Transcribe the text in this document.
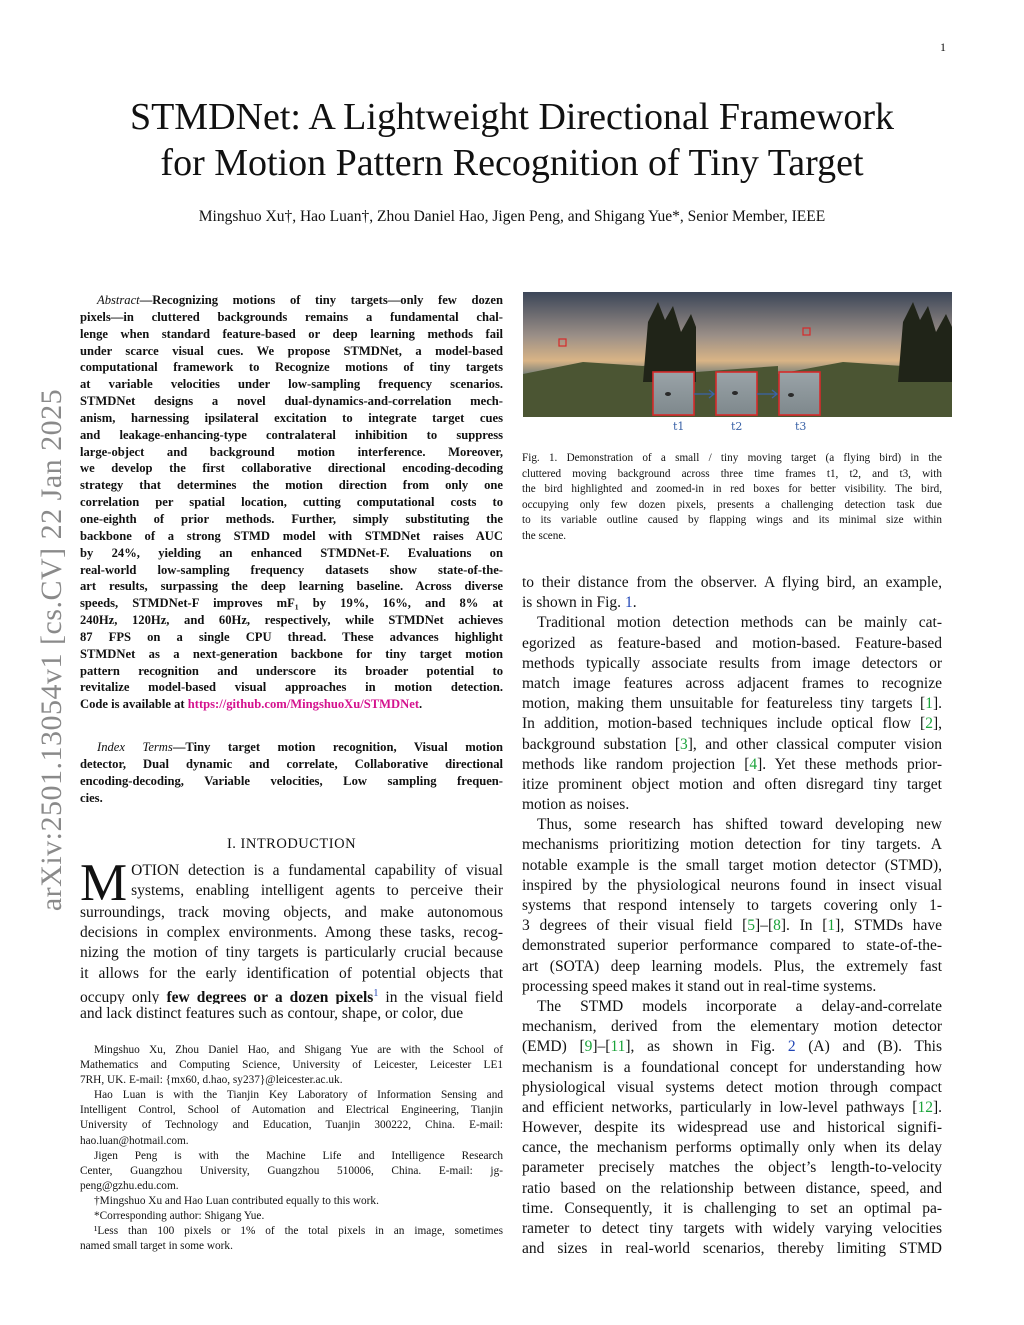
1
STMDNet: A Lightweight Directional Framework
for Motion Pattern Recognition of Tiny Target
Mingshuo Xu†, Hao Luan†, Zhou Daniel Hao, Jigen Peng, and Shigang Yue*, Senior Member, IEEE
arXiv:2501.13054v1 [cs.CV] 22 Jan 2025
Abstract—Recognizing motions of tiny targets—only few dozen
pixels—in cluttered backgrounds remains a fundamental chal-
lenge when standard feature-based or deep learning methods fail
under scarce visual cues. We propose STMDNet, a model-based
computational framework to Recognize motions of tiny targets
at variable velocities under low-sampling frequency scenarios.
STMDNet designs a novel dual-dynamics-and-correlation mech-
anism, harnessing ipsilateral excitation to integrate target cues
and leakage-enhancing-type contralateral inhibition to suppress
large-object and background motion interference. Moreover,
we develop the first collaborative directional encoding-decoding
strategy that determines the motion direction from only one
correlation per spatial location, cutting computational costs to
one-eighth of prior methods. Further, simply substituting the
backbone of a strong STMD model with STMDNet raises AUC
by 24%, yielding an enhanced STMDNet-F. Evaluations on
real-world low-sampling frequency datasets show state-of-the-
art results, surpassing the deep learning baseline. Across diverse
speeds, STMDNet-F improves mF₁ by 19%, 16%, and 8% at
240Hz, 120Hz, and 60Hz, respectively, while STMDNet achieves
87 FPS on a single CPU thread. These advances highlight
STMDNet as a next-generation backbone for tiny target motion
pattern recognition and underscore its broader potential to
revitalize model-based visual approaches in motion detection.
Code is available at https://github.com/MingshuoXu/STMDNet.
Index Terms—Tiny target motion recognition, Visual motion
detector, Dual dynamic and correlate, Collaborative directional
encoding-decoding, Variable velocities, Low sampling frequen-
cies.
I. INTRODUCTION
M OTION detection is a fundamental capability of visual
systems, enabling intelligent agents to perceive their
surroundings, track moving objects, and make autonomous
decisions in complex environments. Among these tasks, recog-
nizing the motion of tiny targets is particularly crucial because
it allows for the early identification of potential objects that
occupy only few degrees or a dozen pixels$^1$ in the visual field
and lack distinct features such as contour, shape, or color, due
Mingshuo Xu, Zhou Daniel Hao, and Shigang Yue are with the School of
Mathematics and Computing Science, University of Leicester, Leicester LE1
7RH, UK. E-mail: {mx60, d.hao, sy237}@leicester.ac.uk.
Hao Luan is with the Tianjin Key Laboratory of Information Sensing and
Intelligent Control, School of Automation and Electrical Engineering, Tianjin
University of Technology and Education, Tuanjin 300222, China. E-mail:
hao.luan@hotmail.com.
Jigen Peng is with the Machine Life and Intelligence Research
Center, Guangzhou University, Guangzhou 510006, China. E-mail: jg-
peng@gzhu.edu.com.
†Mingshuo Xu and Hao Luan contributed equally to this work.
*Corresponding author: Shigang Yue.
¹Less than 100 pixels or 1% of the total pixels in an image, sometimes
named small target in some work.
t1	t2	t3
Fig. 1. Demonstration of a small / tiny moving target (a flying bird) in the
cluttered moving background across three time frames t1, t2, and t3, with
the bird highlighted and zoomed-in in red boxes for better visibility. The bird,
occupying only few dozen pixels, presents a challenging detection task due
to its variable outline caused by flapping wings and its minimal size within
the scene.
to their distance from the observer. A flying bird, an example,
is shown in Fig. 1.
Traditional motion detection methods can be mainly cat-
egorized as feature-based and motion-based. Feature-based
methods typically associate results from image detectors or
match image features across adjacent frames to recognize
motion, making them unsuitable for featureless tiny targets [1].
In addition, motion-based techniques include optical flow [2],
background substation [3], and other classical computer vision
methods like random projection [4]. Yet these methods prior-
itize prominent object motion and often disregard tiny target
motion as noises.
Thus, some research has shifted toward developing new
mechanisms prioritizing motion detection for tiny targets. A
notable example is the small target motion detector (STMD),
inspired by the physiological neurons found in insect visual
systems that respond intensely to targets covering only 1-
3 degrees of their visual field [5]–[8]. In [1], STMDs have
demonstrated superior performance compared to state-of-the-
art (SOTA) deep learning models. Plus, the extremely fast
processing speed makes it stand out in real-time systems.
The STMD models incorporate a delay-and-correlate
mechanism, derived from the elementary motion detector
(EMD) [9]–[11], as shown in Fig. 2 (A) and (B). This
mechanism is a foundational concept for understanding how
physiological visual systems detect motion through compact
and efficient networks, particularly in low-level pathways [12].
However, despite its widespread use and historical signifi-
cance, the mechanism performs optimally only when its delay
parameter precisely matches the object’s length-to-velocity
ratio based on the relationship between distance, speed, and
time. Consequently, it is challenging to set an optimal pa-
rameter to detect tiny targets with widely varying velocities
and sizes in real-world scenarios, thereby limiting STMD
